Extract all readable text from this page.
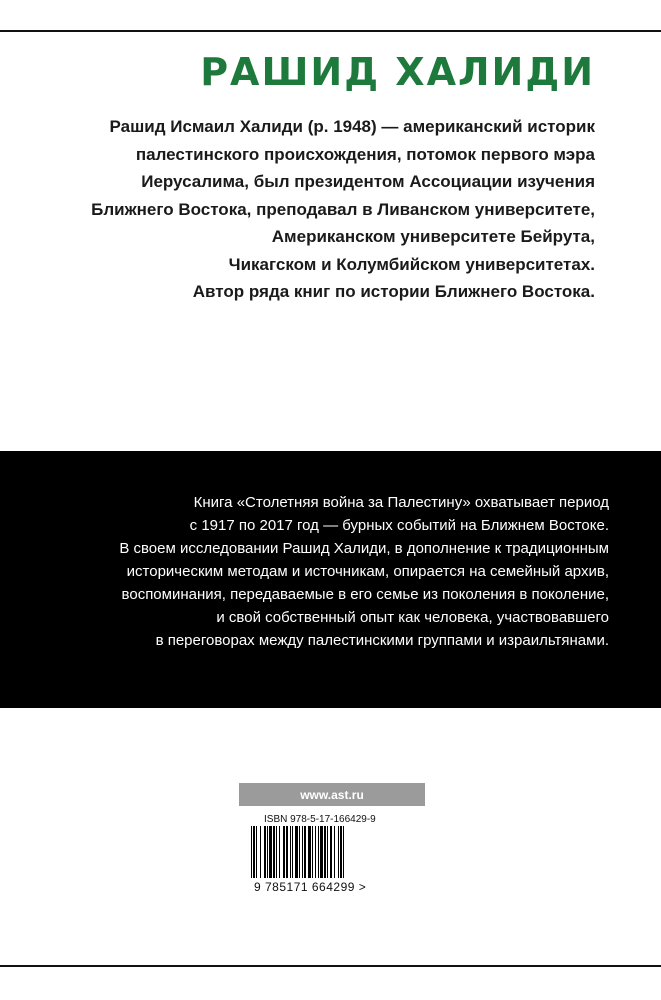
РАШИД ХАЛИДИ
Рашид Исмаил Халиди (р. 1948) — американский историк
палестинского происхождения, потомок первого мэра
Иерусалима, был президентом Ассоциации изучения
Ближнего Востока, преподавал в Ливанском университете,
Американском университете Бейрута,
Чикагском и Колумбийском университетах.
Автор ряда книг по истории Ближнего Востока.
Книга «Столетняя война за Палестину» охватывает период
с 1917 по 2017 год — бурных событий на Ближнем Востоке.
В своем исследовании Рашид Халиди, в дополнение к традиционным
историческим методам и источникам, опирается на семейный архив,
воспоминания, передаваемые в его семье из поколения в поколение,
и свой собственный опыт как человека, участвовавшего
в переговорах между палестинскими группами и израильтянами.
www.ast.ru
ISBN 978-5-17-166429-9
9 785171 664299 >
